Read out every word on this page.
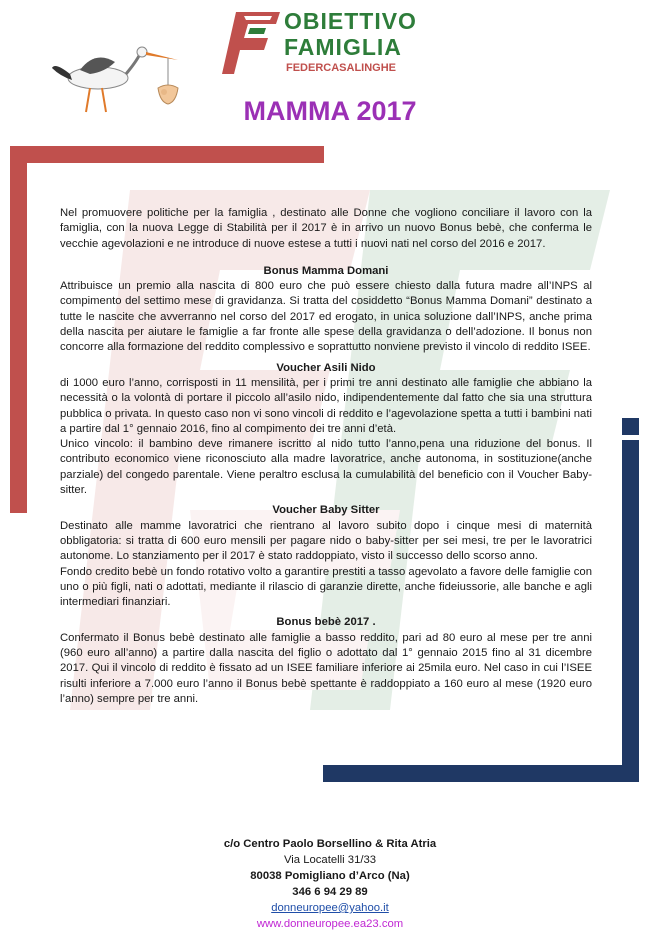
OBIETTIVO
FAMIGLIA
FEDERCASALINGHE
MAMMA 2017

Nel promuovere politiche per la famiglia , destinato alle Donne che vogliono conciliare il lavoro con la famiglia, con la nuova Legge di Stabilità per il 2017 è in arrivo un nuovo Bonus bebè, che conferma le vecchie agevolazioni e ne introduce di nuove estese a tutti i nuovi nati nel corso del 2016 e 2017.

Bonus Mamma Domani

Attribuisce un premio alla nascita di 800 euro che può essere chiesto dalla futura madre all’INPS al compimento del settimo mese di gravidanza. Si tratta del cosiddetto “Bonus Mamma Domani” destinato a tutte le nascite che avverranno nel corso del 2017 ed erogato, in unica soluzione dall’INPS, anche prima della nascita per aiutare le famiglie a far fronte alle spese della gravidanza o dell’adozione. Il bonus non concorre alla formazione del reddito complessivo e soprattutto nonviene previsto il vincolo di reddito ISEE.

Voucher Asili Nido

di 1000 euro l’anno, corrisposti in 11 mensilità, per i primi tre anni destinato alle famiglie che abbiano la necessità o la volontà di portare il piccolo all’asilo nido, indipendentemente dal fatto che sia una struttura pubblica o privata. In questo caso non vi sono vincoli di reddito e l’agevolazione spetta a tutti i bambini nati a partire dal 1° gennaio 2016, fino al compimento dei tre anni d’età.

Unico vincolo: il bambino deve rimanere iscritto al nido tutto l’anno,pena una riduzione del bonus. Il contributo economico viene riconosciuto alla madre lavoratrice, anche autonoma, in sostituzione(anche parziale) del congedo parentale. Viene peraltro esclusa la cumulabilità del beneficio con il Voucher Baby-sitter.

Voucher Baby Sitter

Destinato alle mamme lavoratrici che rientrano al lavoro subito dopo i cinque mesi di maternità obbligatoria: si tratta di 600 euro mensili per pagare nido o baby-sitter per sei mesi, tre per le lavoratrici autonome. Lo stanziamento per il 2017 è stato raddoppiato, visto il successo dello scorso anno.

Fondo credito bebè un fondo rotativo volto a garantire prestiti a tasso agevolato a favore delle famiglie con uno o più figli, nati o adottati, mediante il rilascio di garanzie dirette, anche fideiussorie, alle banche e agli intermediari finanziari.

Bonus bebè 2017 .

Confermato il Bonus bebè destinato alle famiglie a basso reddito, pari ad 80 euro al mese per tre anni (960 euro all’anno) a partire dalla nascita del figlio o adottato dal 1° gennaio 2015 fino al 31 dicembre 2017. Qui il vincolo di reddito è fissato ad un ISEE familiare inferiore ai 25mila euro. Nel caso in cui l’ISEE risulti inferiore a 7.000 euro l’anno il Bonus bebè spettante è raddoppiato a 160 euro al mese (1920 euro l’anno) sempre per tre anni.

c/o Centro Paolo Borsellino & Rita Atria
Via Locatelli 31/33
80038 Pomigliano d’Arco (Na)
346 6 94 29 89
donneuropee@yahoo.it
www.donneuropee.ea23.com
